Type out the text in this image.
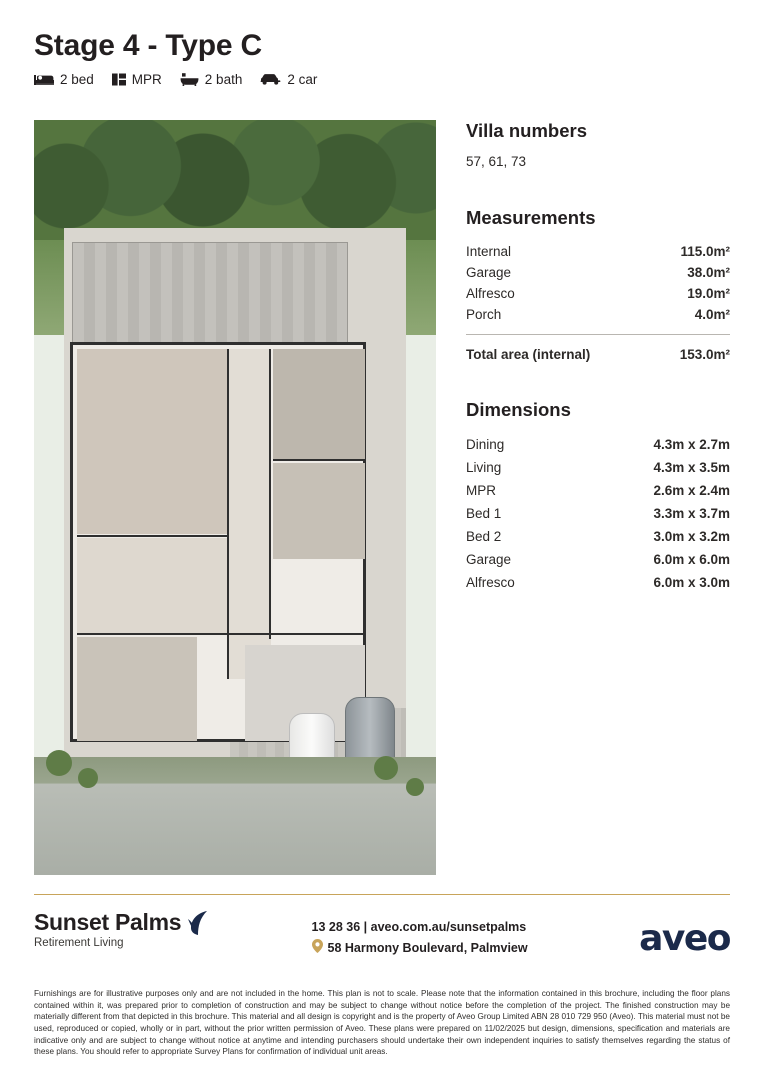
Stage 4 - Type C
2 bed	MPR	2 bath	2 car
Villa numbers

57, 61, 73

Measurements
Internal	115.0m²
Garage	38.0m²
Alfresco	19.0m²
Porch	4.0m²
Total area (internal)	153.0m²
Dimensions
Dining	4.3m x 2.7m
Living	4.3m x 3.5m
MPR	2.6m x 2.4m
Bed 1	3.3m x 3.7m
Bed 2	3.0m x 3.2m
Garage	6.0m x 6.0m
Alfresco	6.0m x 3.0m
Sunset Palms
Retirement Living
13 28 36 | aveo.com.au/sunsetpalms
58 Harmony Boulevard, Palmview	aveo
Furnishings are for illustrative purposes only and are not included in the home. This plan is not to scale. Please note that the information contained in this brochure, including the floor plans contained within it, was prepared prior to completion of construction and may be subject to change without notice before the completion of the project. The finished construction may be materially different from that depicted in this brochure. This material and all design is copyright and is the property of Aveo Group Limited ABN 28 010 729 950 (Aveo). This material must not be used, reproduced or copied, wholly or in part, without the prior written permission of Aveo. These plans were prepared on 11/02/2025 but design, dimensions, specification and materials are indicative only and are subject to change without notice at anytime and intending purchasers should undertake their own independent inquiries to satisfy themselves regarding the status of these plans. You should refer to appropriate Survey Plans for confirmation of individual unit areas.
